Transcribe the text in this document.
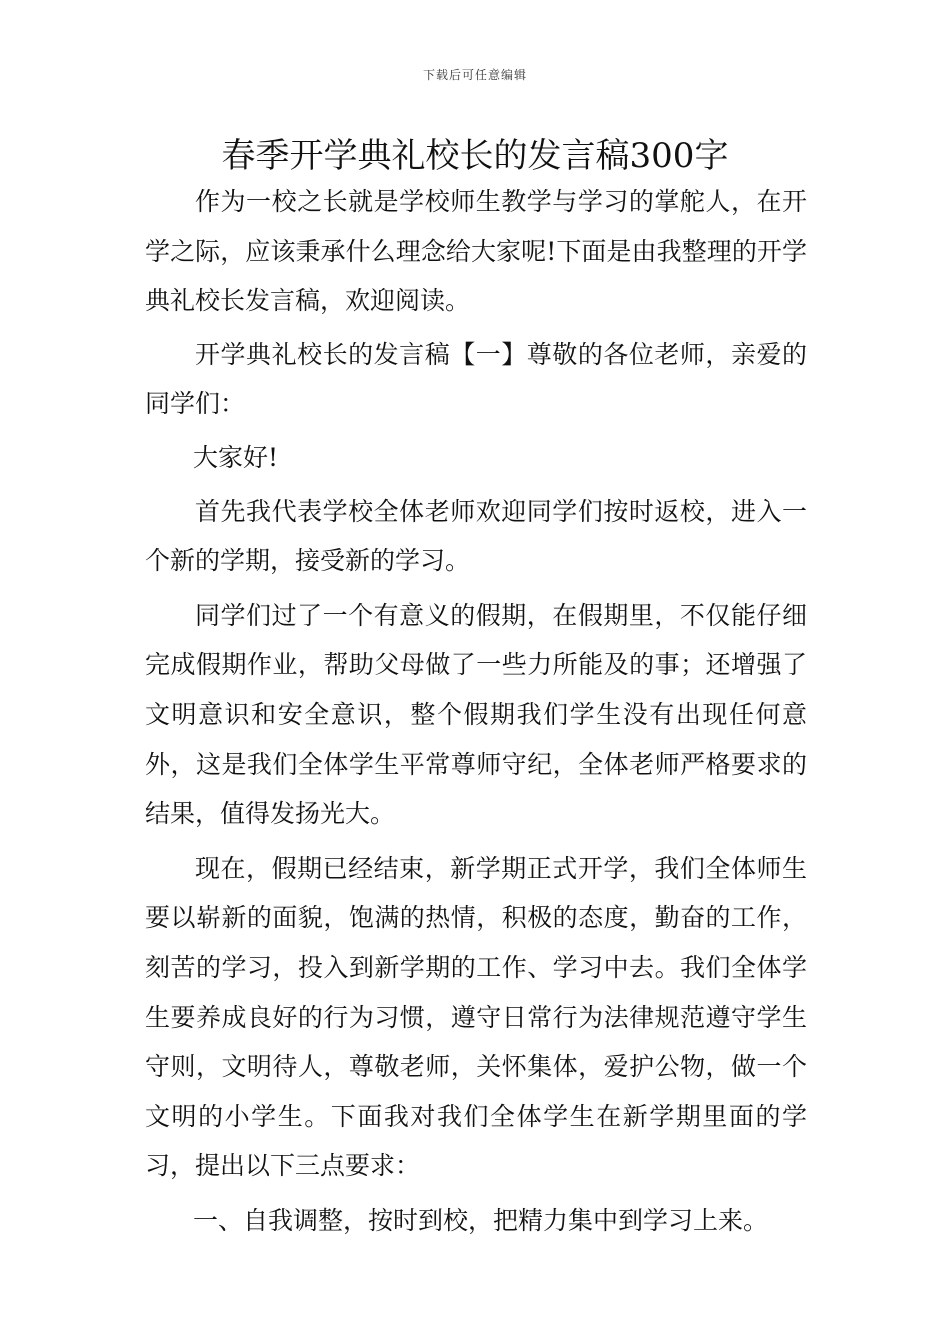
下载后可任意编辑
春季开学典礼校长的发言稿300字

作为一校之长就是学校师生教学与学习的掌舵人，在开学之际，应该秉承什么理念给大家呢!下面是由我整理的开学典礼校长发言稿，欢迎阅读。

开学典礼校长的发言稿【一】尊敬的各位老师，亲爱的同学们：

大家好!

首先我代表学校全体老师欢迎同学们按时返校，进入一个新的学期，接受新的学习。

同学们过了一个有意义的假期，在假期里，不仅能仔细完成假期作业，帮助父母做了一些力所能及的事；还增强了文明意识和安全意识，整个假期我们学生没有出现任何意外，这是我们全体学生平常尊师守纪，全体老师严格要求的结果，值得发扬光大。

现在，假期已经结束，新学期正式开学，我们全体师生要以崭新的面貌，饱满的热情，积极的态度，勤奋的工作，刻苦的学习，投入到新学期的工作、学习中去。我们全体学生要养成良好的行为习惯，遵守日常行为法律规范遵守学生守则，文明待人，尊敬老师，关怀集体，爱护公物，做一个文明的小学生。下面我对我们全体学生在新学期里面的学习，提出以下三点要求：

一、自我调整，按时到校，把精力集中到学习上来。
